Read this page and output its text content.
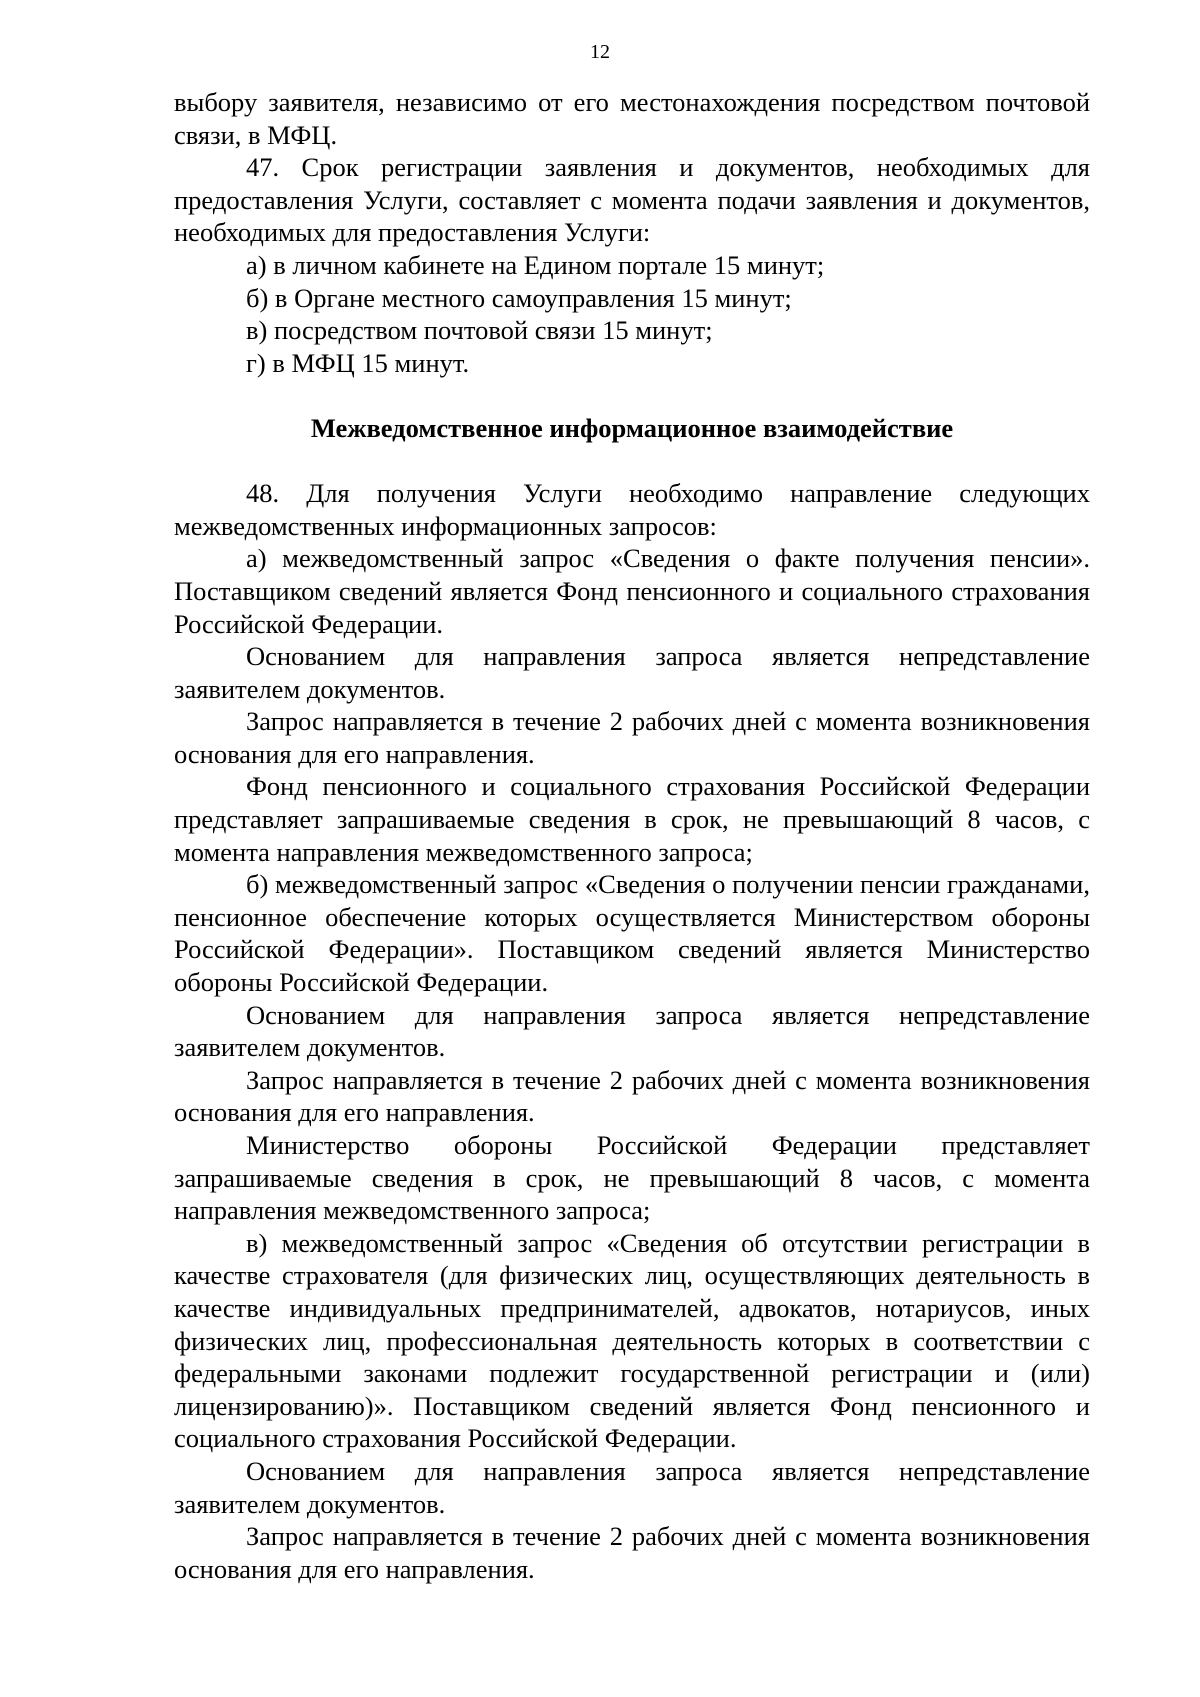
12

выбору заявителя, независимо от его местонахождения посредством почтовой связи, в МФЦ.

47. Срок регистрации заявления и документов, необходимых для предоставления Услуги, составляет с момента подачи заявления и документов, необходимых для предоставления Услуги:

а) в личном кабинете на Едином портале 15 минут;

б) в Органе местного самоуправления 15 минут;

в) посредством почтовой связи 15 минут;

г) в МФЦ 15 минут.

Межведомственное информационное взаимодействие

48. Для получения Услуги необходимо направление следующих межведомственных информационных запросов:

а) межведомственный запрос «Сведения о факте получения пенсии». Поставщиком сведений является Фонд пенсионного и социального страхования Российской Федерации.

Основанием для направления запроса является непредставление заявителем документов.

Запрос направляется в течение 2 рабочих дней с момента возникновения основания для его направления.

Фонд пенсионного и социального страхования Российской Федерации представляет запрашиваемые сведения в срок, не превышающий 8 часов, с момента направления межведомственного запроса;

б) межведомственный запрос «Сведения о получении пенсии гражданами, пенсионное обеспечение которых осуществляется Министерством обороны Российской Федерации». Поставщиком сведений является Министерство обороны Российской Федерации.

Основанием для направления запроса является непредставление заявителем документов.

Запрос направляется в течение 2 рабочих дней с момента возникновения основания для его направления.

Министерство обороны Российской Федерации представляет запрашиваемые сведения в срок, не превышающий 8 часов, с момента направления межведомственного запроса;

в) межведомственный запрос «Сведения об отсутствии регистрации в качестве страхователя (для физических лиц, осуществляющих деятельность в качестве индивидуальных предпринимателей, адвокатов, нотариусов, иных физических лиц, профессиональная деятельность которых в соответствии с федеральными законами подлежит государственной регистрации и (или) лицензированию)». Поставщиком сведений является Фонд пенсионного и социального страхования Российской Федерации.

Основанием для направления запроса является непредставление заявителем документов.

Запрос направляется в течение 2 рабочих дней с момента возникновения основания для его направления.
